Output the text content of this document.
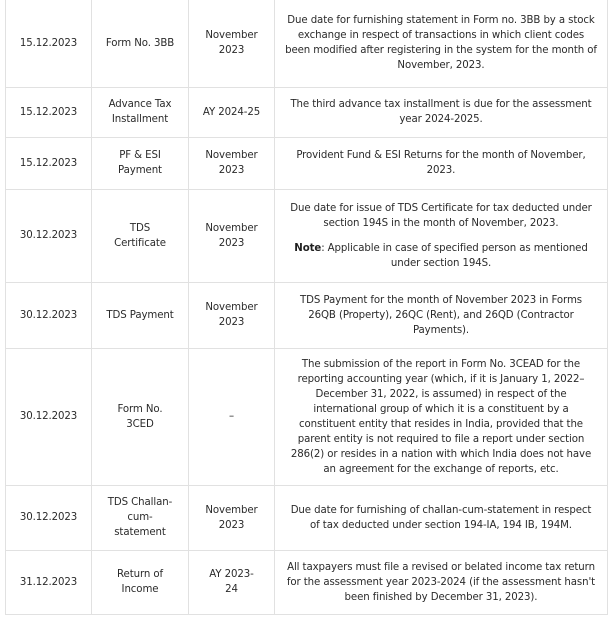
15.12.2023	Form No. 3BB	November 2023	Due date for furnishing statement in Form no. 3BB by a stock exchange in respect of transactions in which client codes been modified after registering in the system for the month of November, 2023.
15.12.2023	Advance Tax Installment	AY 2024-25	The third advance tax installment is due for the assessment year 2024-2025.
15.12.2023	PF & ESI Payment	November 2023	Provident Fund & ESI Returns for the month of November, 2023.
30.12.2023	TDS Certificate	November 2023	Due date for issue of TDS Certificate for tax deducted under section 194S in the month of November, 2023.
Note: Applicable in case of specified person as mentioned under section 194S.

30.12.2023	TDS Payment	November 2023	TDS Payment for the month of November 2023 in Forms 26QB (Property), 26QC (Rent), and 26QD (Contractor Payments).
30.12.2023	Form No. 3CED	–	The submission of the report in Form No. 3CEAD for the reporting accounting year (which, if it is January 1, 2022–December 31, 2022, is assumed) in respect of the international group of which it is a constituent by a constituent entity that resides in India, provided that the parent entity is not required to file a report under section 286(2) or resides in a nation with which India does not have an agreement for the exchange of reports, etc.
30.12.2023	TDS Challan-cum-statement	November 2023	Due date for furnishing of challan-cum-statement in respect of tax deducted under section 194-IA, 194 IB, 194M.
31.12.2023	Return of Income	AY 2023-24	All taxpayers must file a revised or belated income tax return for the assessment year 2023-2024 (if the assessment hasn't been finished by December 31, 2023).
